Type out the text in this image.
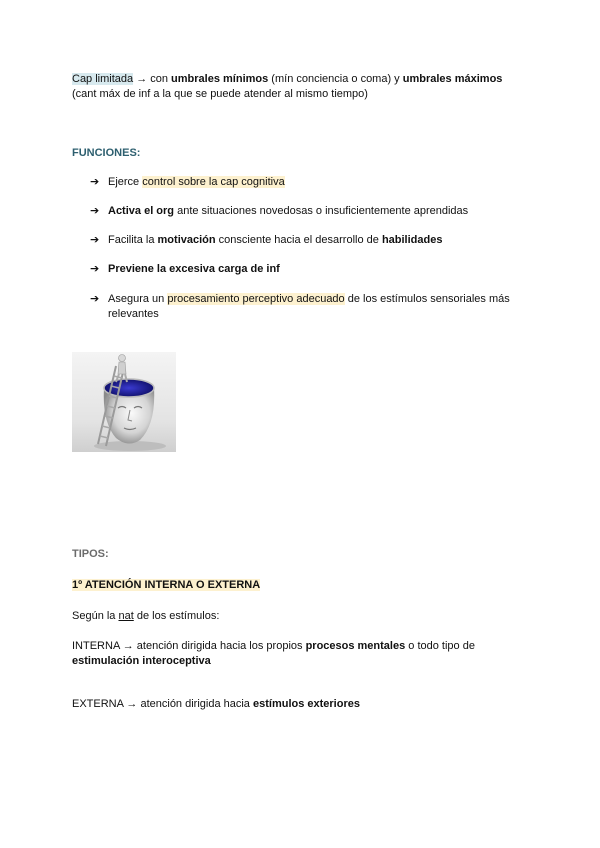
Cap limitada → con umbrales mínimos (mín conciencia o coma) y umbrales máximos
(cant máx de inf a la que se puede atender al mismo tiempo)
FUNCIONES:
➔ Ejerce control sobre la cap cognitiva
➔ Activa el org ante situaciones novedosas o insuficientemente aprendidas
➔ Facilita la motivación consciente hacia el desarrollo de habilidades
➔ Previene la excesiva carga de inf
➔ Asegura un procesamiento perceptivo adecuado de los estímulos sensoriales más
relevantes
TIPOS:
1º ATENCIÓN INTERNA O EXTERNA
Según la nat de los estímulos:
INTERNA → atención dirigida hacia los propios procesos mentales o todo tipo de
estimulación interoceptiva
EXTERNA → atención dirigida hacia estímulos exteriores
